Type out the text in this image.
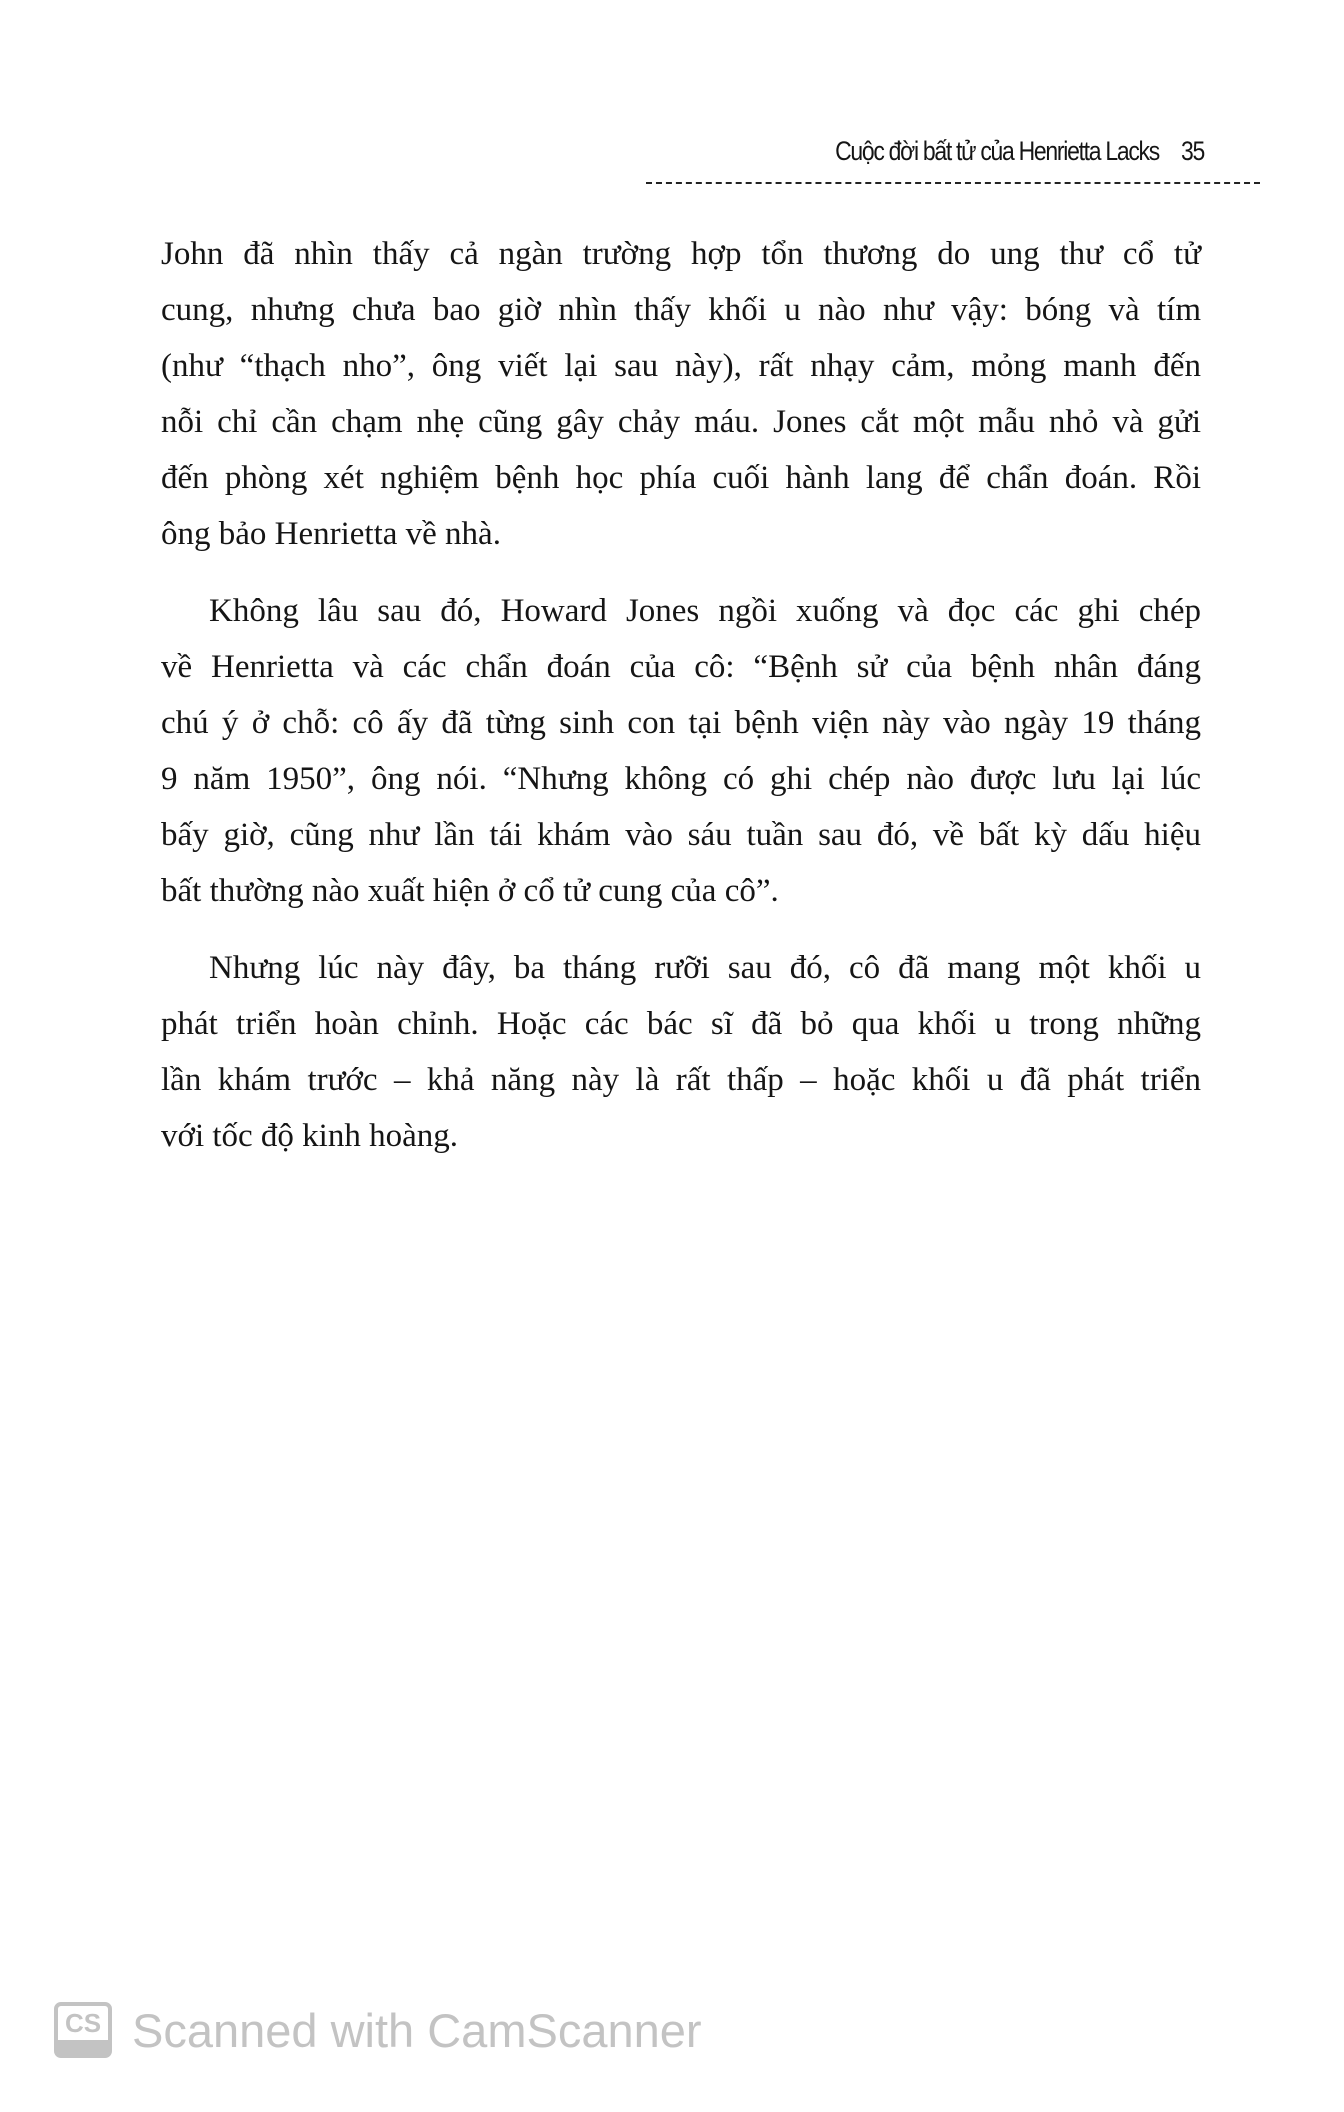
Cuộc đời bất tử của Henrietta Lacks 35
John đã nhìn thấy cả ngàn trường hợp tổn thương do ung thư cổ tử
cung, nhưng chưa bao giờ nhìn thấy khối u nào như vậy: bóng và tím
(như “thạch nho”, ông viết lại sau này), rất nhạy cảm, mỏng manh đến
nỗi chỉ cần chạm nhẹ cũng gây chảy máu. Jones cắt một mẫu nhỏ và gửi
đến phòng xét nghiệm bệnh học phía cuối hành lang để chẩn đoán. Rồi
ông bảo Henrietta về nhà.
Không lâu sau đó, Howard Jones ngồi xuống và đọc các ghi chép
về Henrietta và các chẩn đoán của cô: “Bệnh sử của bệnh nhân đáng
chú ý ở chỗ: cô ấy đã từng sinh con tại bệnh viện này vào ngày 19 tháng
9 năm 1950”, ông nói. “Nhưng không có ghi chép nào được lưu lại lúc
bấy giờ, cũng như lần tái khám vào sáu tuần sau đó, về bất kỳ dấu hiệu
bất thường nào xuất hiện ở cổ tử cung của cô”.
Nhưng lúc này đây, ba tháng rưỡi sau đó, cô đã mang một khối u
phát triển hoàn chỉnh. Hoặc các bác sĩ đã bỏ qua khối u trong những
lần khám trước – khả năng này là rất thấp – hoặc khối u đã phát triển
với tốc độ kinh hoàng.
CS Scanned with CamScanner
